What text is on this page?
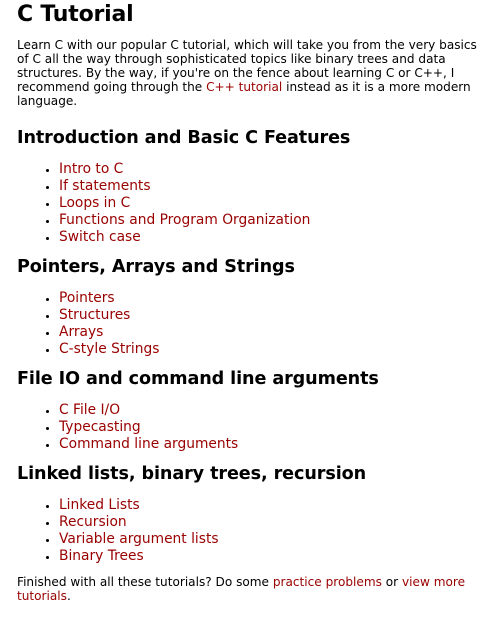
C Tutorial

Learn C with our popular C tutorial, which will take you from the very basics of C all the way through sophisticated topics like binary trees and data structures. By the way, if you're on the fence about learning C or C++, I recommend going through the C++ tutorial instead as it is a more modern language.

Introduction and Basic C Features
• Intro to C
• If statements
• Loops in C
• Functions and Program Organization
• Switch case
Pointers, Arrays and Strings
• Pointers
• Structures
• Arrays
• C-style Strings
File IO and command line arguments
• C File I/O
• Typecasting
• Command line arguments
Linked lists, binary trees, recursion
• Linked Lists
• Recursion
• Variable argument lists
• Binary Trees

Finished with all these tutorials? Do some practice problems or view more tutorials.
